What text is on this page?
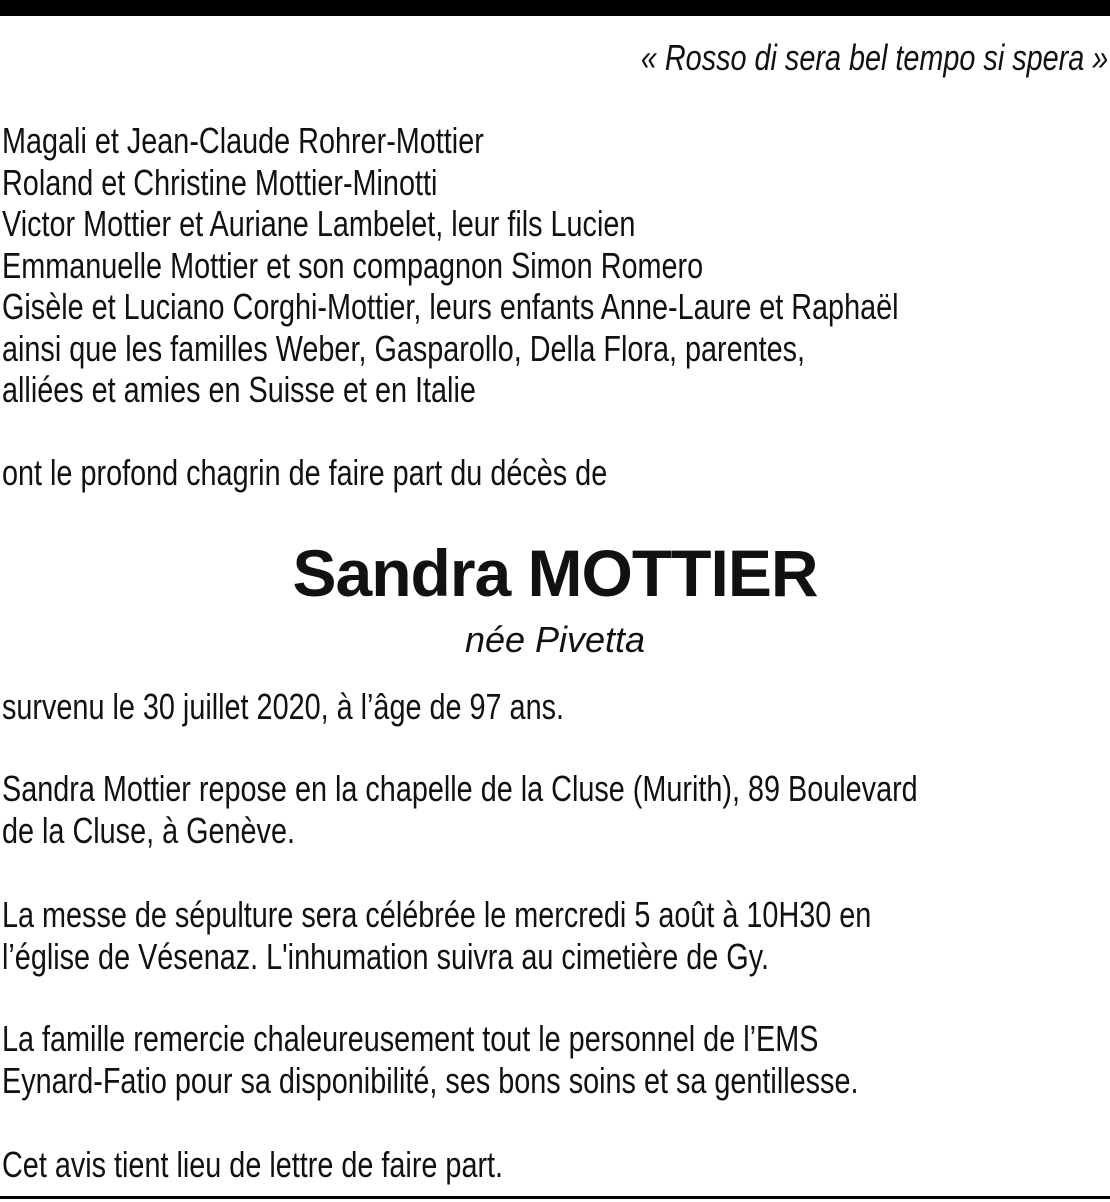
« Rosso di sera bel tempo si spera »
Magali et Jean-Claude Rohrer-Mottier
Roland et Christine Mottier-Minotti
Victor Mottier et Auriane Lambelet, leur fils Lucien
Emmanuelle Mottier et son compagnon Simon Romero
Gisèle et Luciano Corghi-Mottier, leurs enfants Anne-Laure et Raphaël
ainsi que les familles Weber, Gasparollo, Della Flora, parentes,
alliées et amies en Suisse et en Italie
ont le profond chagrin de faire part du décès de
Sandra MOTTIER
née Pivetta
survenu le 30 juillet 2020, à l’âge de 97 ans.
Sandra Mottier repose en la chapelle de la Cluse (Murith), 89 Boulevard
de la Cluse, à Genève.
La messe de sépulture sera célébrée le mercredi 5 août à 10H30 en
l’église de Vésenaz. L'inhumation suivra au cimetière de Gy.
La famille remercie chaleureusement tout le personnel de l’EMS
Eynard-Fatio pour sa disponibilité, ses bons soins et sa gentillesse.
Cet avis tient lieu de lettre de faire part.
